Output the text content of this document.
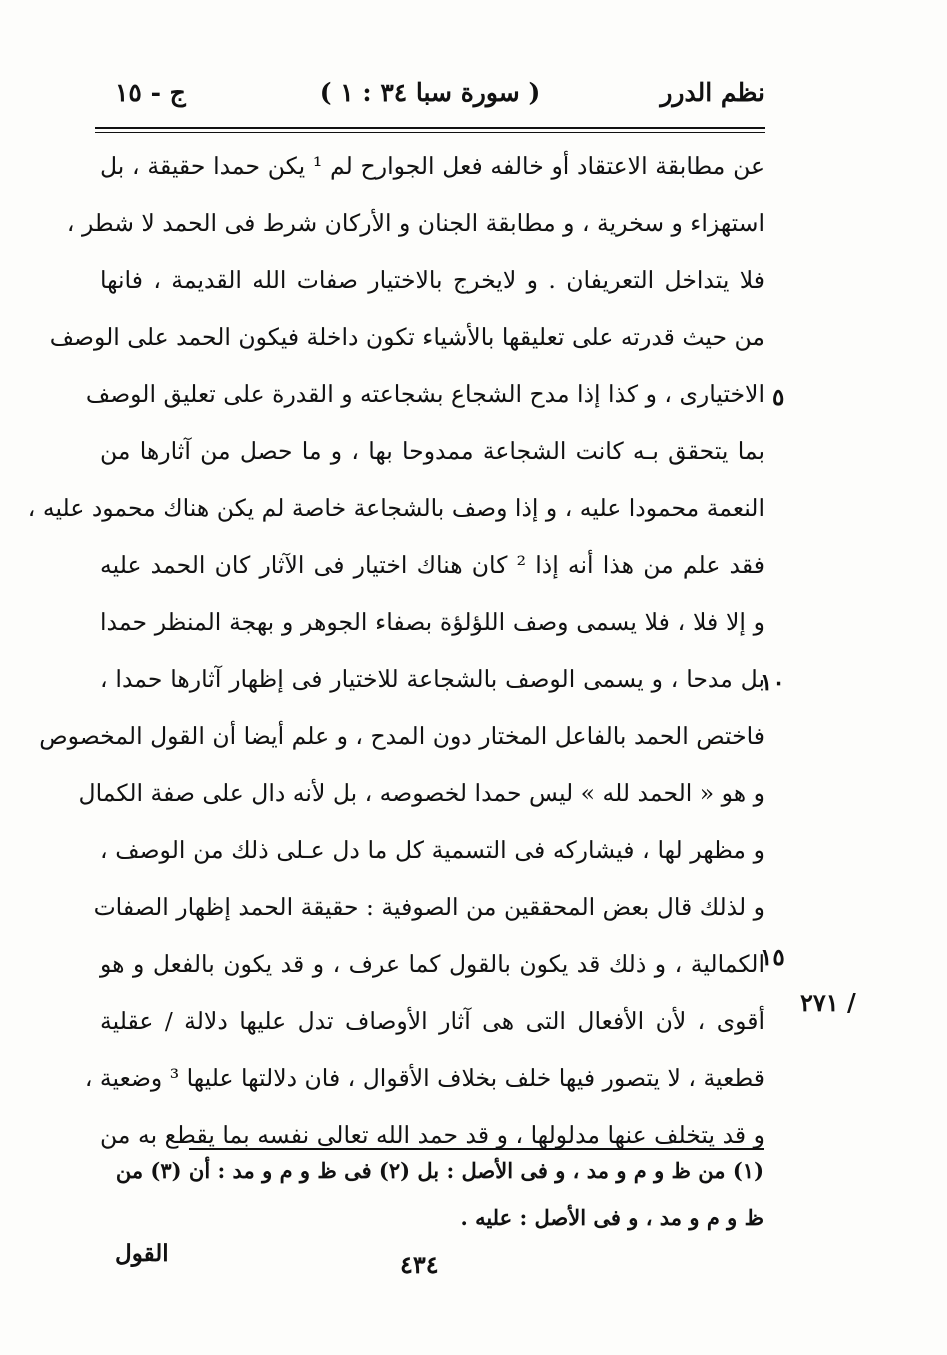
نظم الدرر
( سورة سبا ٣٤ : ١ )
ج - ١٥
عن مطابقة الاعتقاد أو خالفه فعل الجوارح لم ¹ يكن حمدا حقيقة ، بل
استهزاء و سخرية ، و مطابقة الجنان و الأركان شرط فى الحمد لا شطر ،
فلا يتداخل التعريفان . و لايخرج بالاختيار صفات الله القديمة ، فانها
من حيث قدرته على تعليقها بالأشياء تكون داخلة فيكون الحمد على الوصف
الاختيارى ، و كذا إذا مدح الشجاع بشجاعته و القدرة على تعليق الوصف
بما يتحقق بـه كانت الشجاعة ممدوحا بها ، و ما حصل من آثارها من
النعمة محمودا عليه ، و إذا وصف بالشجاعة خاصة لم يكن هناك محمود عليه ،
فقد علم من هذا أنه إذا ² كان هناك اختيار فى الآثار كان الحمد عليه
و إلا فلا ، فلا يسمى وصف اللؤلؤة بصفاء الجوهر و بهجة المنظر حمدا
بل مدحا ، و يسمى الوصف بالشجاعة للاختيار فى إظهار آثارها حمدا ،
فاختص الحمد بالفاعل المختار دون المدح ، و علم أيضا أن القول المخصوص
و هو « الحمد لله » ليس حمدا لخصوصه ، بل لأنه دال على صفة الكمال
و مظهر لها ، فيشاركه فى التسمية كل ما دل عـلى ذلك من الوصف ،
و لذلك قال بعض المحققين من الصوفية : حقيقة الحمد إظهار الصفات
الكمالية ، و ذلك قد يكون بالقول كما عرف ، و قد يكون بالفعل و هو
أقوى ، لأن الأفعال التى هى آثار الأوصاف تدل عليها دلالة / عقلية
قطعية ، لا يتصور فيها خلف بخلاف الأقوال ، فان دلالتها عليها ³ وضعية ،
و قد يتخلف عنها مدلولها ، و قد حمد الله تعالى نفسه بما يقطع به من
٥
١٠
١٥
/ ٢٧١
(١) من ظ و م و مد ، و فى الأصل : بل (٢) فى ظ و م و مد : أن (٣) من
ظ و م و مد ، و فى الأصل : عليه .
القول	٤٣٤
